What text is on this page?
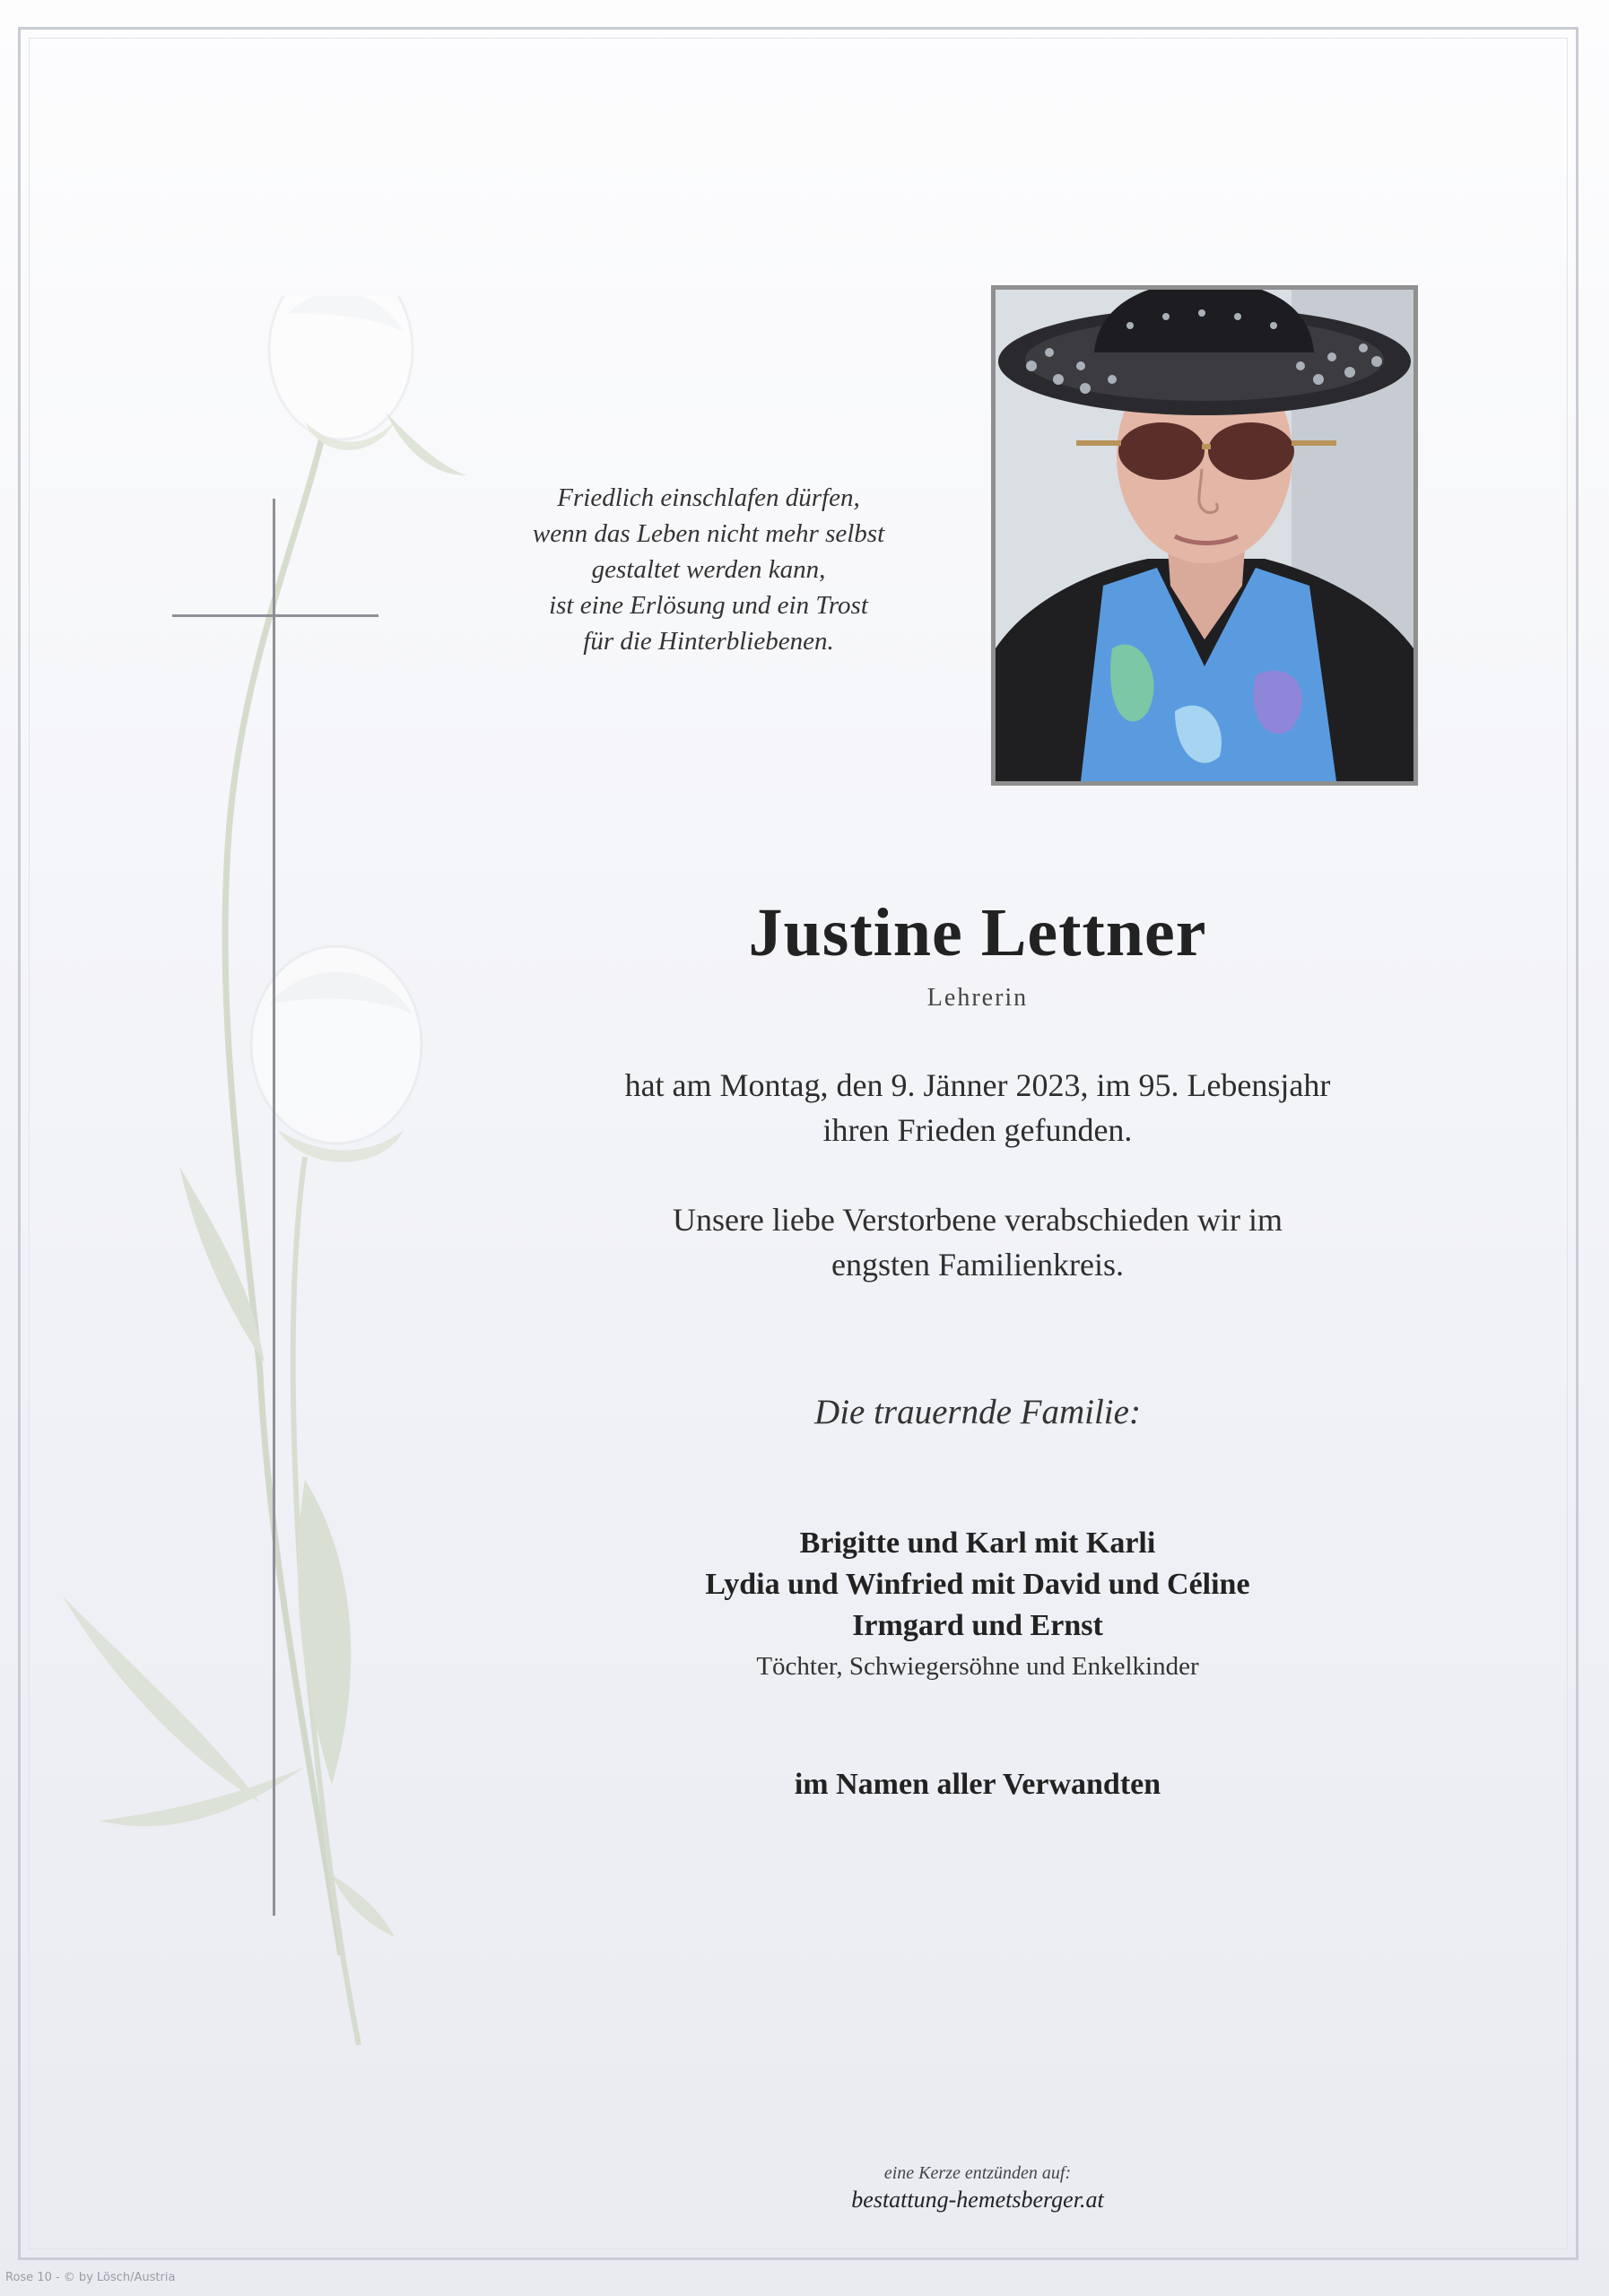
Friedlich einschlafen dürfen,
wenn das Leben nicht mehr selbst
gestaltet werden kann,
ist eine Erlösung und ein Trost
für die Hinterbliebenen.
Justine Lettner
Lehrerin
hat am Montag, den 9. Jänner 2023, im 95. Lebensjahr
ihren Frieden gefunden.
Unsere liebe Verstorbene verabschieden wir im
engsten Familienkreis.
Die trauernde Familie:
Brigitte und Karl mit Karli
Lydia und Winfried mit David und Céline
Irmgard und Ernst
Töchter, Schwiegersöhne und Enkelkinder
im Namen aller Verwandten
eine Kerze entzünden auf:
bestattung-hemetsberger.at
Rose 10 - © by Lösch/Austria
